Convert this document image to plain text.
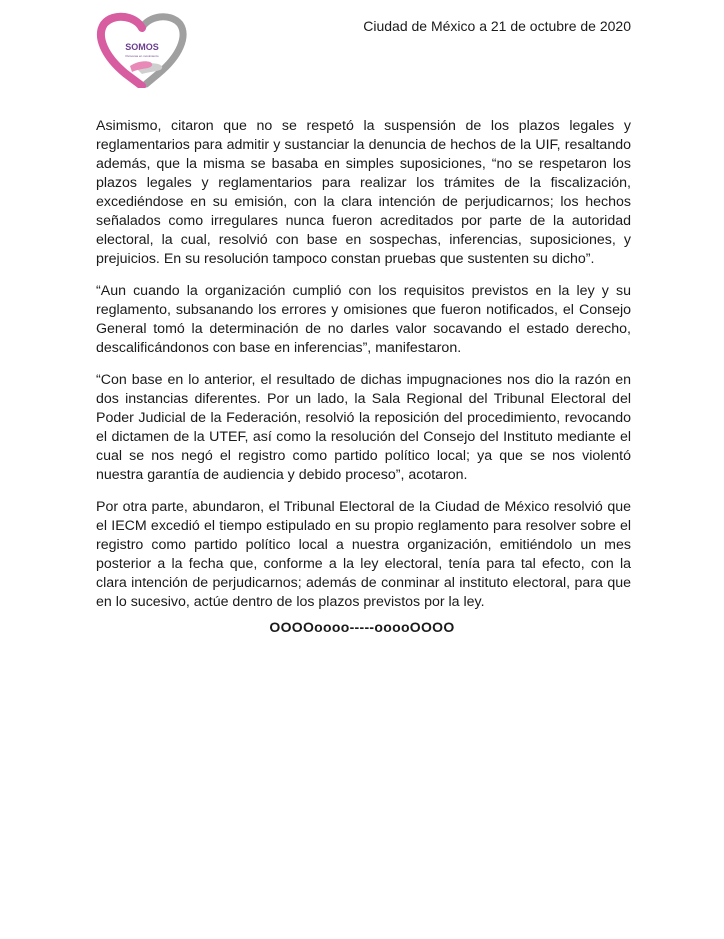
SOMOS
Personas en movimiento
Ciudad de México a 21 de octubre de 2020

Asimismo, citaron que no se respetó la suspensión de los plazos legales y reglamentarios para admitir y sustanciar la denuncia de hechos de la UIF, resaltando además, que la misma se basaba en simples suposiciones, “no se respetaron los plazos legales y reglamentarios para realizar los trámites de la fiscalización, excediéndose en su emisión, con la clara intención de perjudicarnos; los hechos señalados como irregulares nunca fueron acreditados por parte de la autoridad electoral, la cual, resolvió con base en sospechas, inferencias, suposiciones, y prejuicios. En su resolución tampoco constan pruebas que sustenten su dicho”.

“Aun cuando la organización cumplió con los requisitos previstos en la ley y su reglamento, subsanando los errores y omisiones que fueron notificados, el Consejo General tomó la determinación de no darles valor socavando el estado derecho, descalificándonos con base en inferencias”, manifestaron.

“Con base en lo anterior, el resultado de dichas impugnaciones nos dio la razón en dos instancias diferentes. Por un lado, la Sala Regional del Tribunal Electoral del Poder Judicial de la Federación, resolvió la reposición del procedimiento, revocando el dictamen de la UTEF, así como la resolución del Consejo del Instituto mediante el cual se nos negó el registro como partido político local; ya que se nos violentó nuestra garantía de audiencia y debido proceso”, acotaron.

Por otra parte, abundaron, el Tribunal Electoral de la Ciudad de México resolvió que el IECM excedió el tiempo estipulado en su propio reglamento para resolver sobre el registro como partido político local a nuestra organización, emitiéndolo un mes posterior a la fecha que, conforme a la ley electoral, tenía para tal efecto, con la clara intención de perjudicarnos; además de conminar al instituto electoral, para que en lo sucesivo, actúe dentro de los plazos previstos por la ley.

OOOOoooo-----ooooOOOO
